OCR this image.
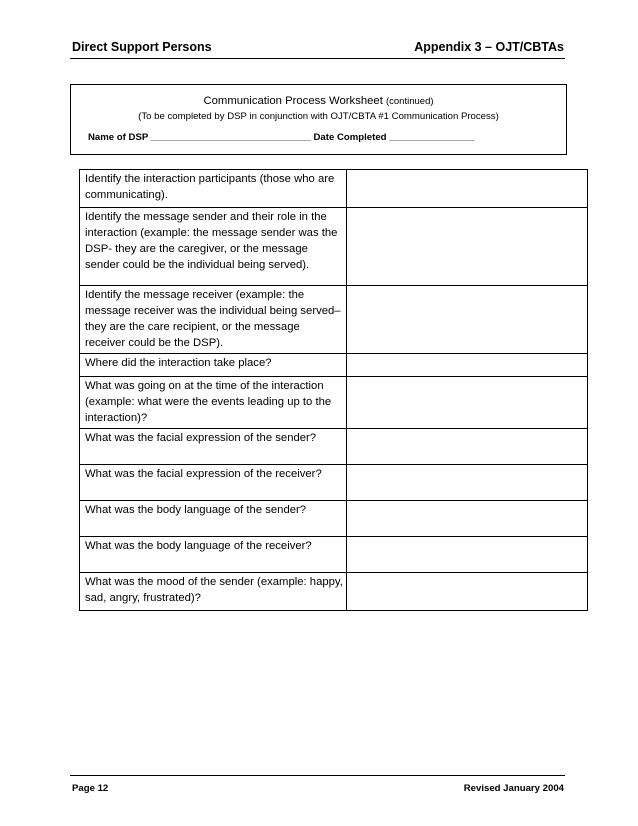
Direct Support Persons	Appendix 3 – OJT/CBTAs
Communication Process Worksheet (continued)
(To be completed by DSP in conjunction with OJT/CBTA #1 Communication Process)
Name of DSP ______________________________ Date Completed ________________
Identify the interaction participants (those who are communicating).	
Identify the message sender and their role in the interaction (example: the message sender was the DSP- they are the caregiver, or the message sender could be the individual being served).	
Identify the message receiver (example: the message receiver was the individual being served–they are the care recipient, or the message receiver could be the DSP).	
Where did the interaction take place?	
What was going on at the time of the interaction (example: what were the events leading up to the interaction)?	
What was the facial expression of the sender?	
What was the facial expression of the receiver?	
What was the body language of the sender?	
What was the body language of the receiver?	
What was the mood of the sender (example: happy, sad, angry, frustrated)?	
Page 12	Revised January 2004
